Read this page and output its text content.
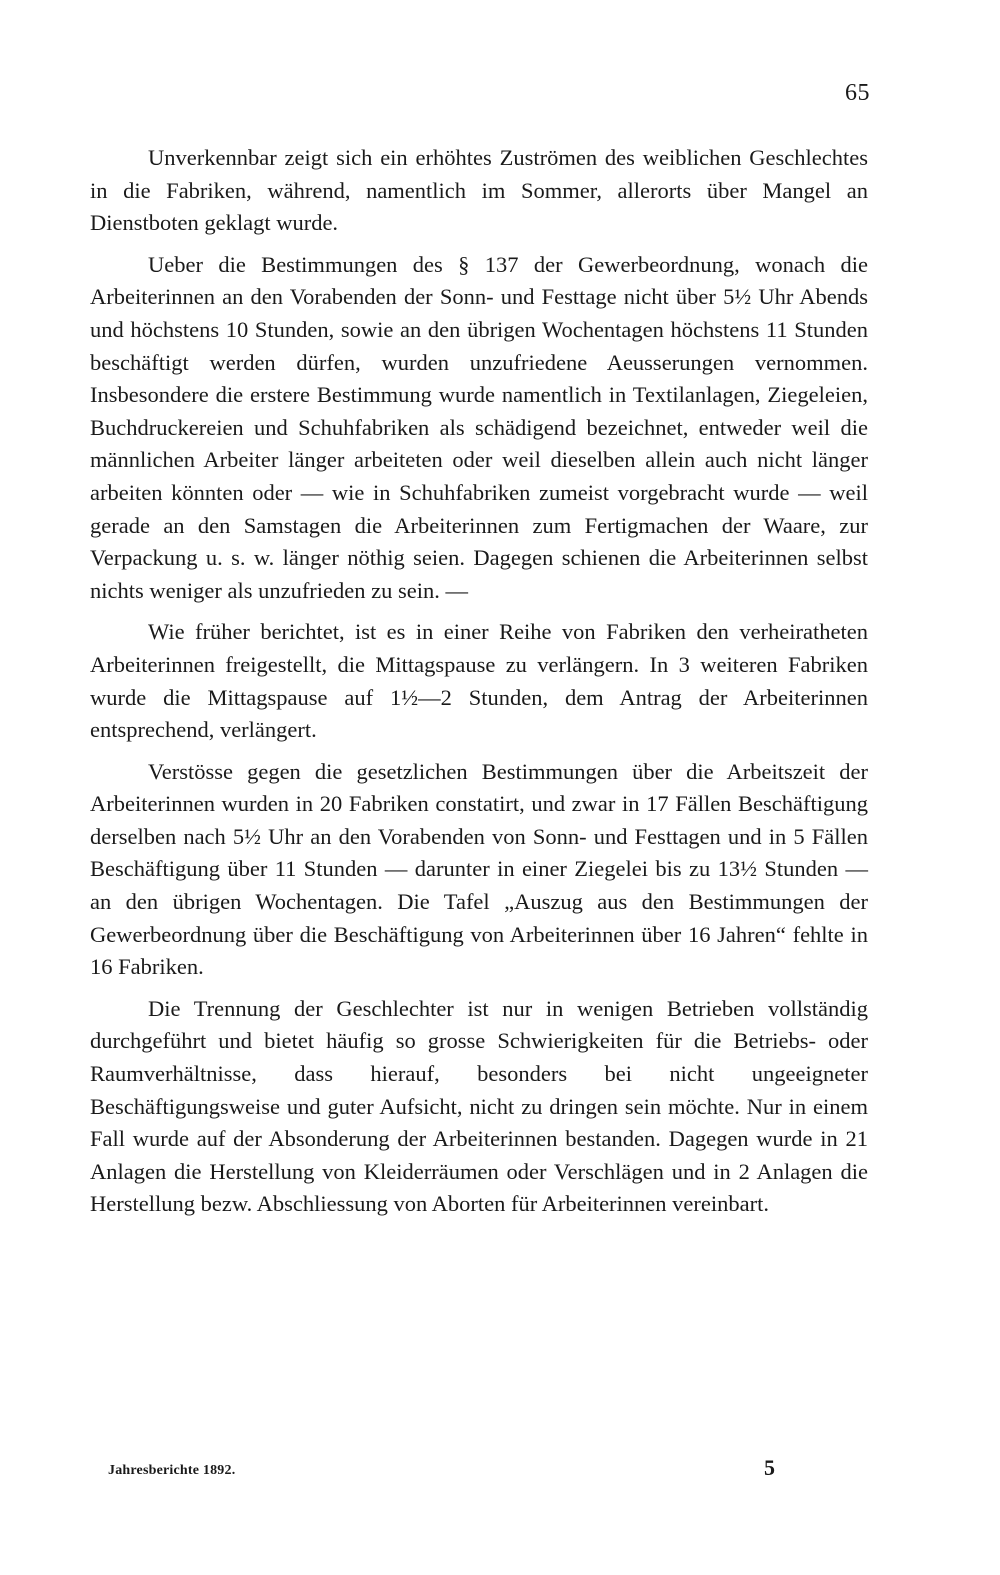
65

Unverkennbar zeigt sich ein erhöhtes Zuströmen des weiblichen Geschlechtes in die Fabriken, während, namentlich im Sommer, allerorts über Mangel an Dienstboten geklagt wurde.

Ueber die Bestimmungen des § 137 der Gewerbeordnung, wonach die Arbeiterinnen an den Vorabenden der Sonn- und Festtage nicht über 5½ Uhr Abends und höchstens 10 Stunden, sowie an den übrigen Wochentagen höchstens 11 Stunden beschäftigt werden dürfen, wurden unzufriedene Aeusserungen vernommen. Insbesondere die erstere Bestimmung wurde namentlich in Textilanlagen, Ziegeleien, Buchdruckereien und Schuhfabriken als schädigend bezeichnet, entweder weil die männlichen Arbeiter länger arbeiteten oder weil dieselben allein auch nicht länger arbeiten könnten oder — wie in Schuhfabriken zumeist vorgebracht wurde — weil gerade an den Samstagen die Arbeiterinnen zum Fertigmachen der Waare, zur Verpackung u. s. w. länger nöthig seien. Dagegen schienen die Arbeiterinnen selbst nichts weniger als unzufrieden zu sein. —

Wie früher berichtet, ist es in einer Reihe von Fabriken den verheiratheten Arbeiterinnen freigestellt, die Mittagspause zu verlängern. In 3 weiteren Fabriken wurde die Mittagspause auf 1½—2 Stunden, dem Antrag der Arbeiterinnen entsprechend, verlängert.

Verstösse gegen die gesetzlichen Bestimmungen über die Arbeitszeit der Arbeiterinnen wurden in 20 Fabriken constatirt, und zwar in 17 Fällen Beschäftigung derselben nach 5½ Uhr an den Vorabenden von Sonn- und Festtagen und in 5 Fällen Beschäftigung über 11 Stunden — darunter in einer Ziegelei bis zu 13½ Stunden — an den übrigen Wochentagen. Die Tafel „Auszug aus den Bestimmungen der Gewerbeordnung über die Beschäftigung von Arbeiterinnen über 16 Jahren“ fehlte in 16 Fabriken.

Die Trennung der Geschlechter ist nur in wenigen Betrieben vollständig durchgeführt und bietet häufig so grosse Schwierigkeiten für die Betriebs- oder Raumverhältnisse, dass hierauf, besonders bei nicht ungeeigneter Beschäftigungsweise und guter Aufsicht, nicht zu dringen sein möchte. Nur in einem Fall wurde auf der Absonderung der Arbeiterinnen bestanden. Dagegen wurde in 21 Anlagen die Herstellung von Kleiderräumen oder Verschlägen und in 2 Anlagen die Herstellung bezw. Abschliessung von Aborten für Arbeiterinnen vereinbart.

Jahresberichte 1892.	5
